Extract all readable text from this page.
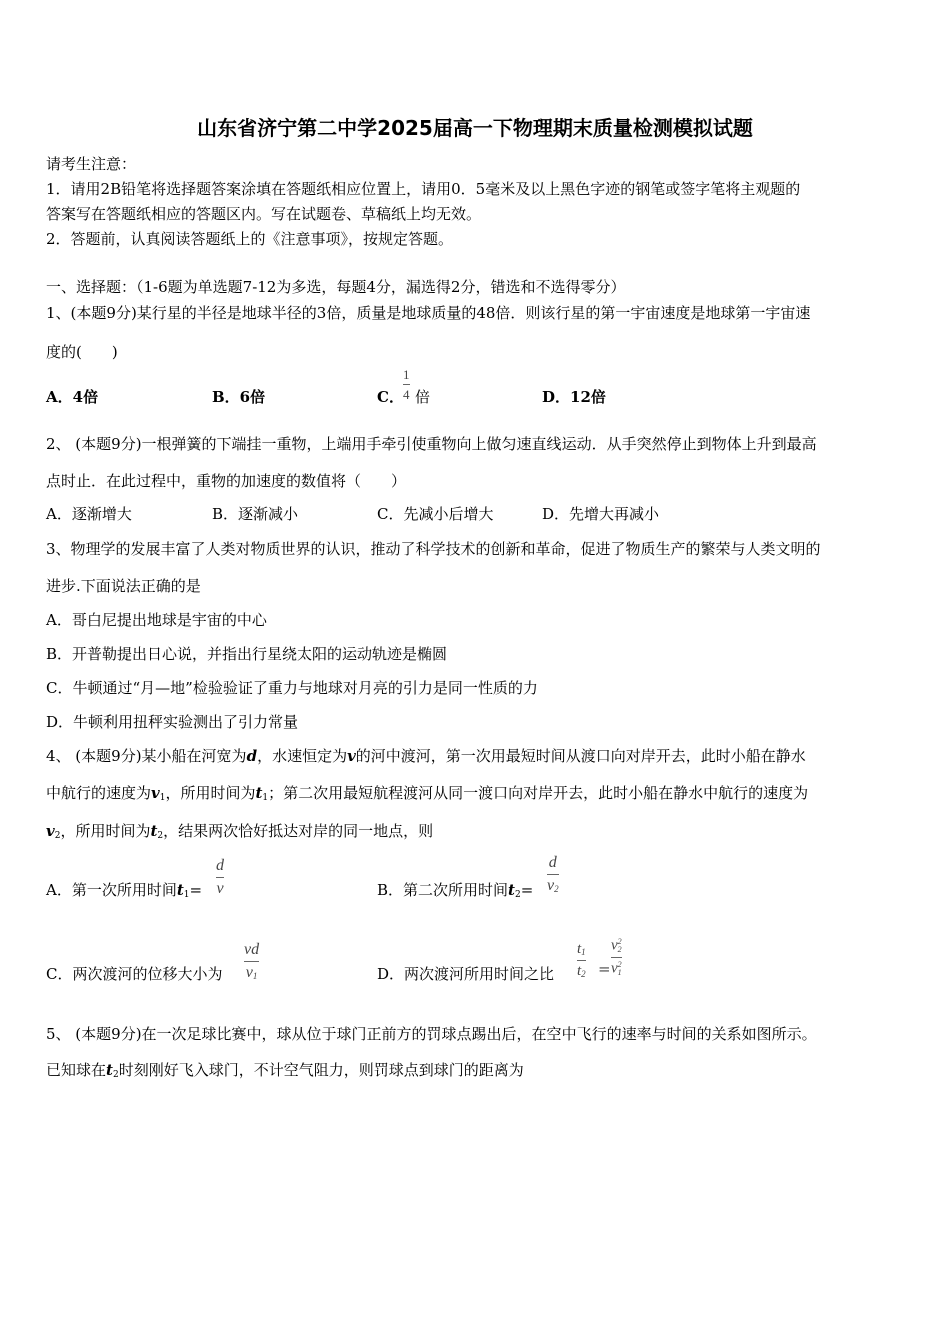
山东省济宁第二中学2025届高一下物理期末质量检测模拟试题
请考生注意：
1．请用2B铅笔将选择题答案涂填在答题纸相应位置上，请用0．5毫米及以上黑色字迹的钢笔或签字笔将主观题的
答案写在答题纸相应的答题区内。写在试题卷、草稿纸上均无效。
2．答题前，认真阅读答题纸上的《注意事项》，按规定答题。
一、选择题：（1-6题为单选题7-12为多选，每题4分，漏选得2分，错选和不选得零分）
1、(本题9分)某行星的半径是地球半径的3倍，质量是地球质量的48倍．则该行星的第一宇宙速度是地球第一宇宙速
度的(　　)
A．4倍	B．6倍	C．
1
4 倍	D．12倍
2、 (本题9分)一根弹簧的下端挂一重物，上端用手牵引使重物向上做匀速直线运动．从手突然停止到物体上升到最高
点时止．在此过程中，重物的加速度的数值将（　　）
A．逐渐增大	B．逐渐减小	C．先减小后增大	D．先增大再减小
3、物理学的发展丰富了人类对物质世界的认识，推动了科学技术的创新和革命，促进了物质生产的繁荣与人类文明的
进步.下面说法正确的是
A．哥白尼提出地球是宇宙的中心
B．开普勒提出日心说，并指出行星绕太阳的运动轨迹是椭圆
C．牛顿通过“月—地”检验验证了重力与地球对月亮的引力是同一性质的力
D．牛顿利用扭秤实验测出了引力常量
4、 (本题9分)某小船在河宽为d，水速恒定为v的河中渡河，第一次用最短时间从渡口向对岸开去，此时小船在静水
中航行的速度为$v_1$，所用时间为$t_1$；第二次用最短航程渡河从同一渡口向对岸开去，此时小船在静水中航行的速度为
$v_2$，所用时间为$t_2$，结果两次恰好抵达对岸的同一地点，则
A．第一次所用时间$t_1=$
d
v	B．第二次所用时间$t_2=$
d
$v_2$
C．两次渡河的位移大小为
vd
$v_1$	D．两次渡河所用时间之比
$t_1$
$t_2$ =
v 2
2
v 2
1
5、 (本题9分)在一次足球比赛中，球从位于球门正前方的罚球点踢出后，在空中飞行的速率与时间的关系如图所示。
已知球在$t_2$时刻刚好飞入球门，不计空气阻力，则罚球点到球门的距离为
